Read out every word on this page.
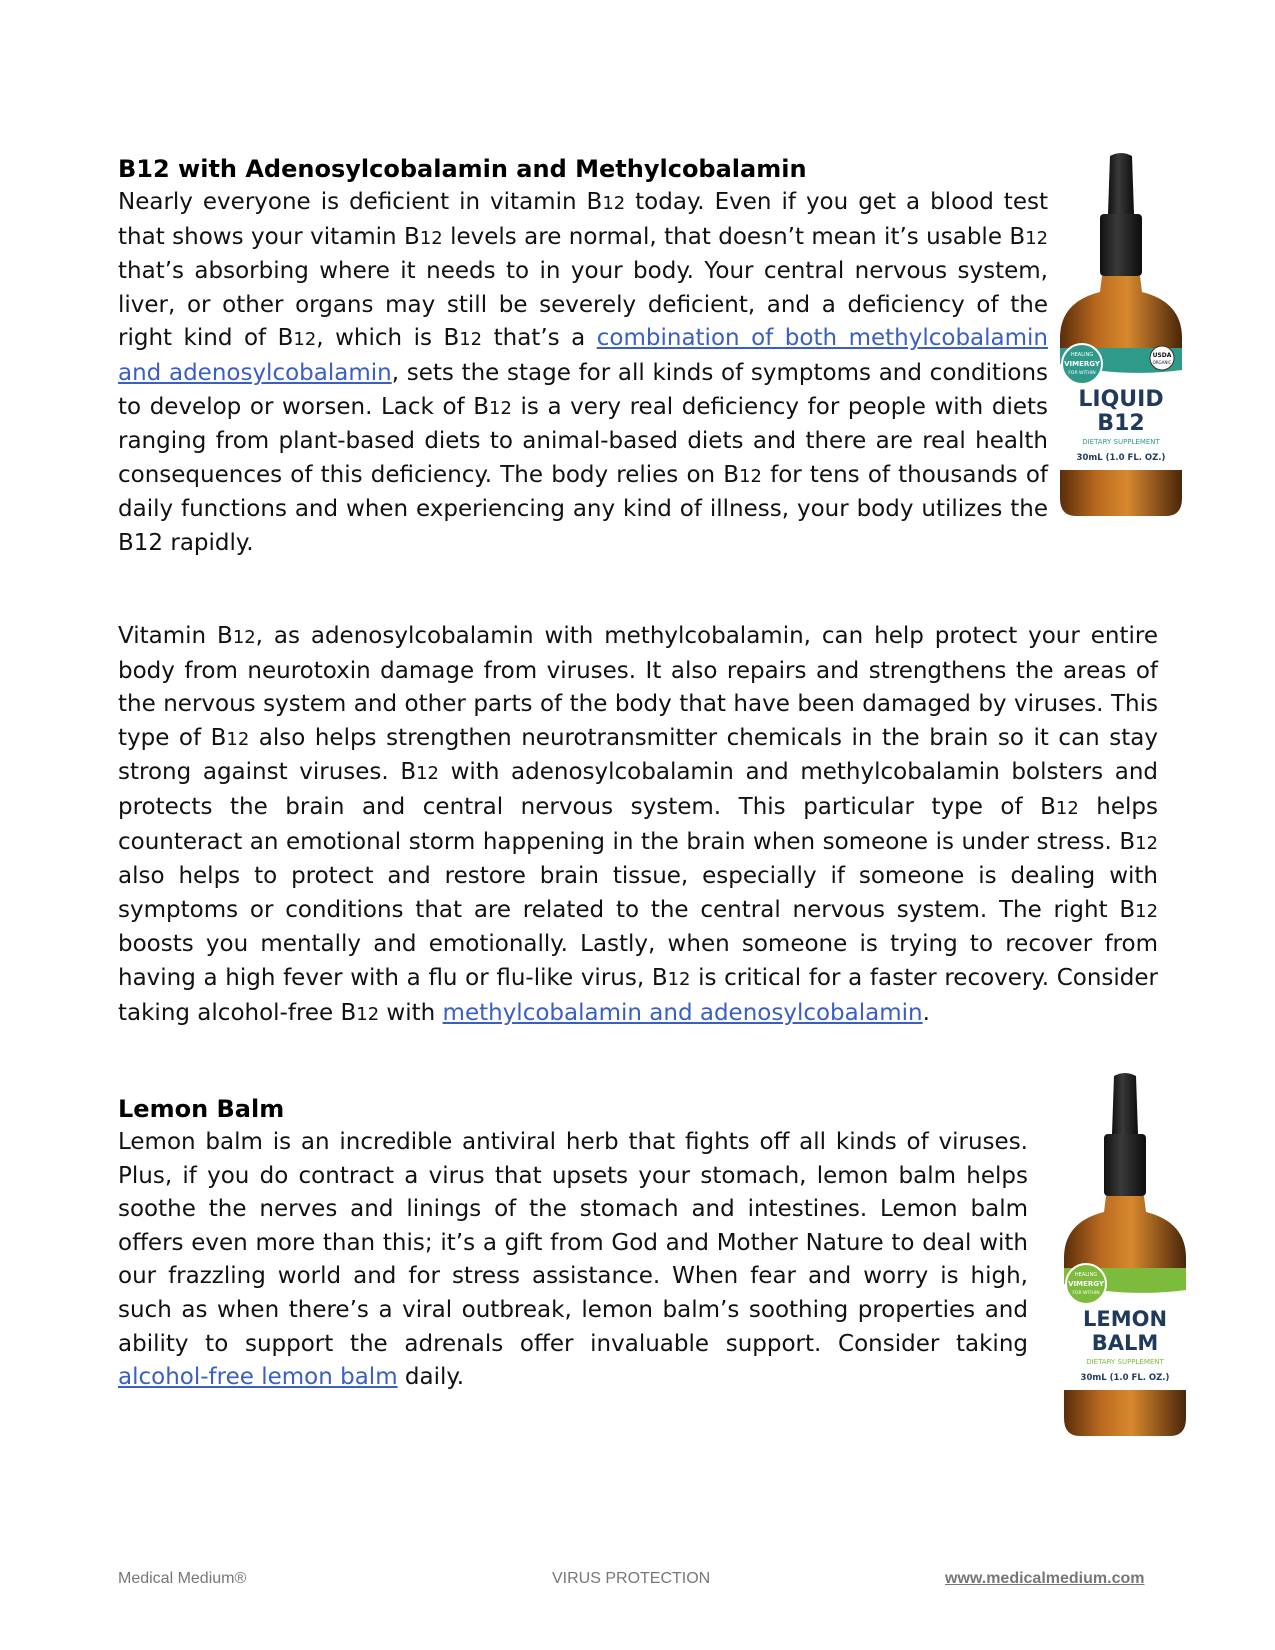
B12 with Adenosylcobalamin and Methylcobalamin

Nearly everyone is deficient in vitamin B12 today. Even if you get a blood test that shows your vitamin B12 levels are normal, that doesn’t mean it’s usable B12 that’s absorbing where it needs to in your body. Your central nervous system, liver, or other organs may still be severely deficient, and a deficiency of the right kind of B12, which is B12 that’s a combination of both methylcobalamin and adenosylcobalamin, sets the stage for all kinds of symptoms and conditions to develop or worsen. Lack of B12 is a very real deficiency for people with diets ranging from plant-based diets to animal-based diets and there are real health consequences of this deficiency. The body relies on B12 for tens of thousands of daily functions and when experiencing any kind of illness, your body utilizes the B12 rapidly.

Vitamin B12, as adenosylcobalamin with methylcobalamin, can help protect your entire body from neurotoxin damage from viruses. It also repairs and strengthens the areas of the nervous system and other parts of the body that have been damaged by viruses. This type of B12 also helps strengthen neurotransmitter chemicals in the brain so it can stay strong against viruses. B12 with adenosylcobalamin and methylcobalamin bolsters and protects the brain and central nervous system. This particular type of B12 helps counteract an emotional storm happening in the brain when someone is under stress. B12 also helps to protect and restore brain tissue, especially if someone is dealing with symptoms or conditions that are related to the central nervous system. The right B12 boosts you mentally and emotionally. Lastly, when someone is trying to recover from having a high fever with a flu or flu-like virus, B12 is critical for a faster recovery. Consider taking alcohol-free B12 with methylcobalamin and adenosylcobalamin.

Lemon Balm

Lemon balm is an incredible antiviral herb that fights off all kinds of viruses. Plus, if you do contract a virus that upsets your stomach, lemon balm helps soothe the nerves and linings of the stomach and intestines. Lemon balm offers even more than this; it’s a gift from God and Mother Nature to deal with our frazzling world and for stress assistance. When fear and worry is high, such as when there’s a viral outbreak, lemon balm’s soothing properties and ability to support the adrenals offer invaluable support. Consider taking alcohol-free lemon balm daily.

HEALING
VIMERGY
FOR WITHIN
USDA
ORGANIC
LIQUID
B12
DIETARY SUPPLEMENT
30mL (1.0 FL. OZ.)
HEALING
VIMERGY
FOR WITHIN
LEMON
BALM
DIETARY SUPPLEMENT
30mL (1.0 FL. OZ.)
Medical Medium®	VIRUS PROTECTION	www.medicalmedium.com
